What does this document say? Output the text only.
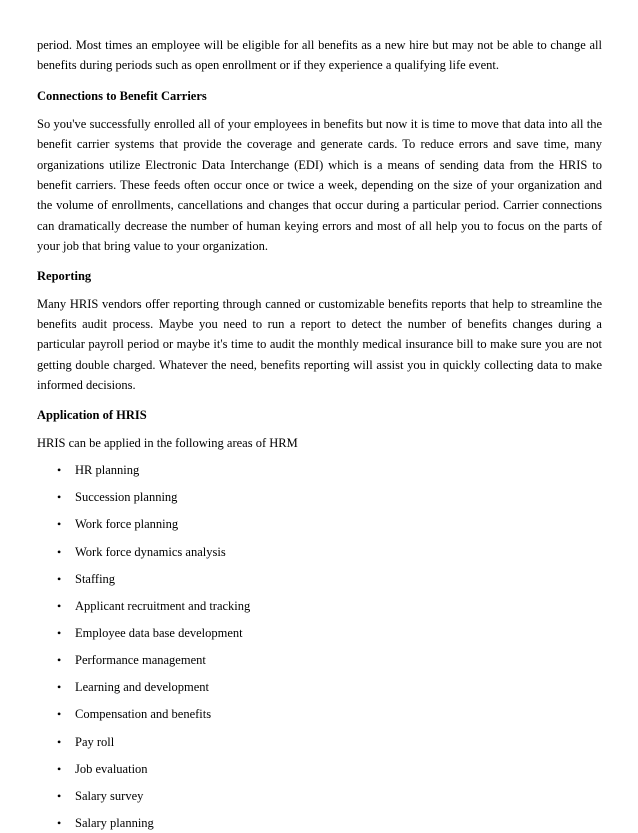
period. Most times an employee will be eligible for all benefits as a new hire but may not be able to change all benefits during periods such as open enrollment or if they experience a qualifying life event.

Connections to Benefit Carriers

So you've successfully enrolled all of your employees in benefits but now it is time to move that data into all the benefit carrier systems that provide the coverage and generate cards. To reduce errors and save time, many organizations utilize Electronic Data Interchange (EDI) which is a means of sending data from the HRIS to benefit carriers. These feeds often occur once or twice a week, depending on the size of your organization and the volume of enrollments, cancellations and changes that occur during a particular period. Carrier connections can dramatically decrease the number of human keying errors and most of all help you to focus on the parts of your job that bring value to your organization.

Reporting

Many HRIS vendors offer reporting through canned or customizable benefits reports that help to streamline the benefits audit process. Maybe you need to run a report to detect the number of benefits changes during a particular payroll period or maybe it's time to audit the monthly medical insurance bill to make sure you are not getting double charged. Whatever the need, benefits reporting will assist you in quickly collecting data to make informed decisions.

Application of HRIS

HRIS can be applied in the following areas of HRM

• HR planning
• Succession planning
• Work force planning
• Work force dynamics analysis
• Staffing
• Applicant recruitment and tracking
• Employee data base development
• Performance management
• Learning and development
• Compensation and benefits
• Pay roll
• Job evaluation
• Salary survey
• Salary planning
